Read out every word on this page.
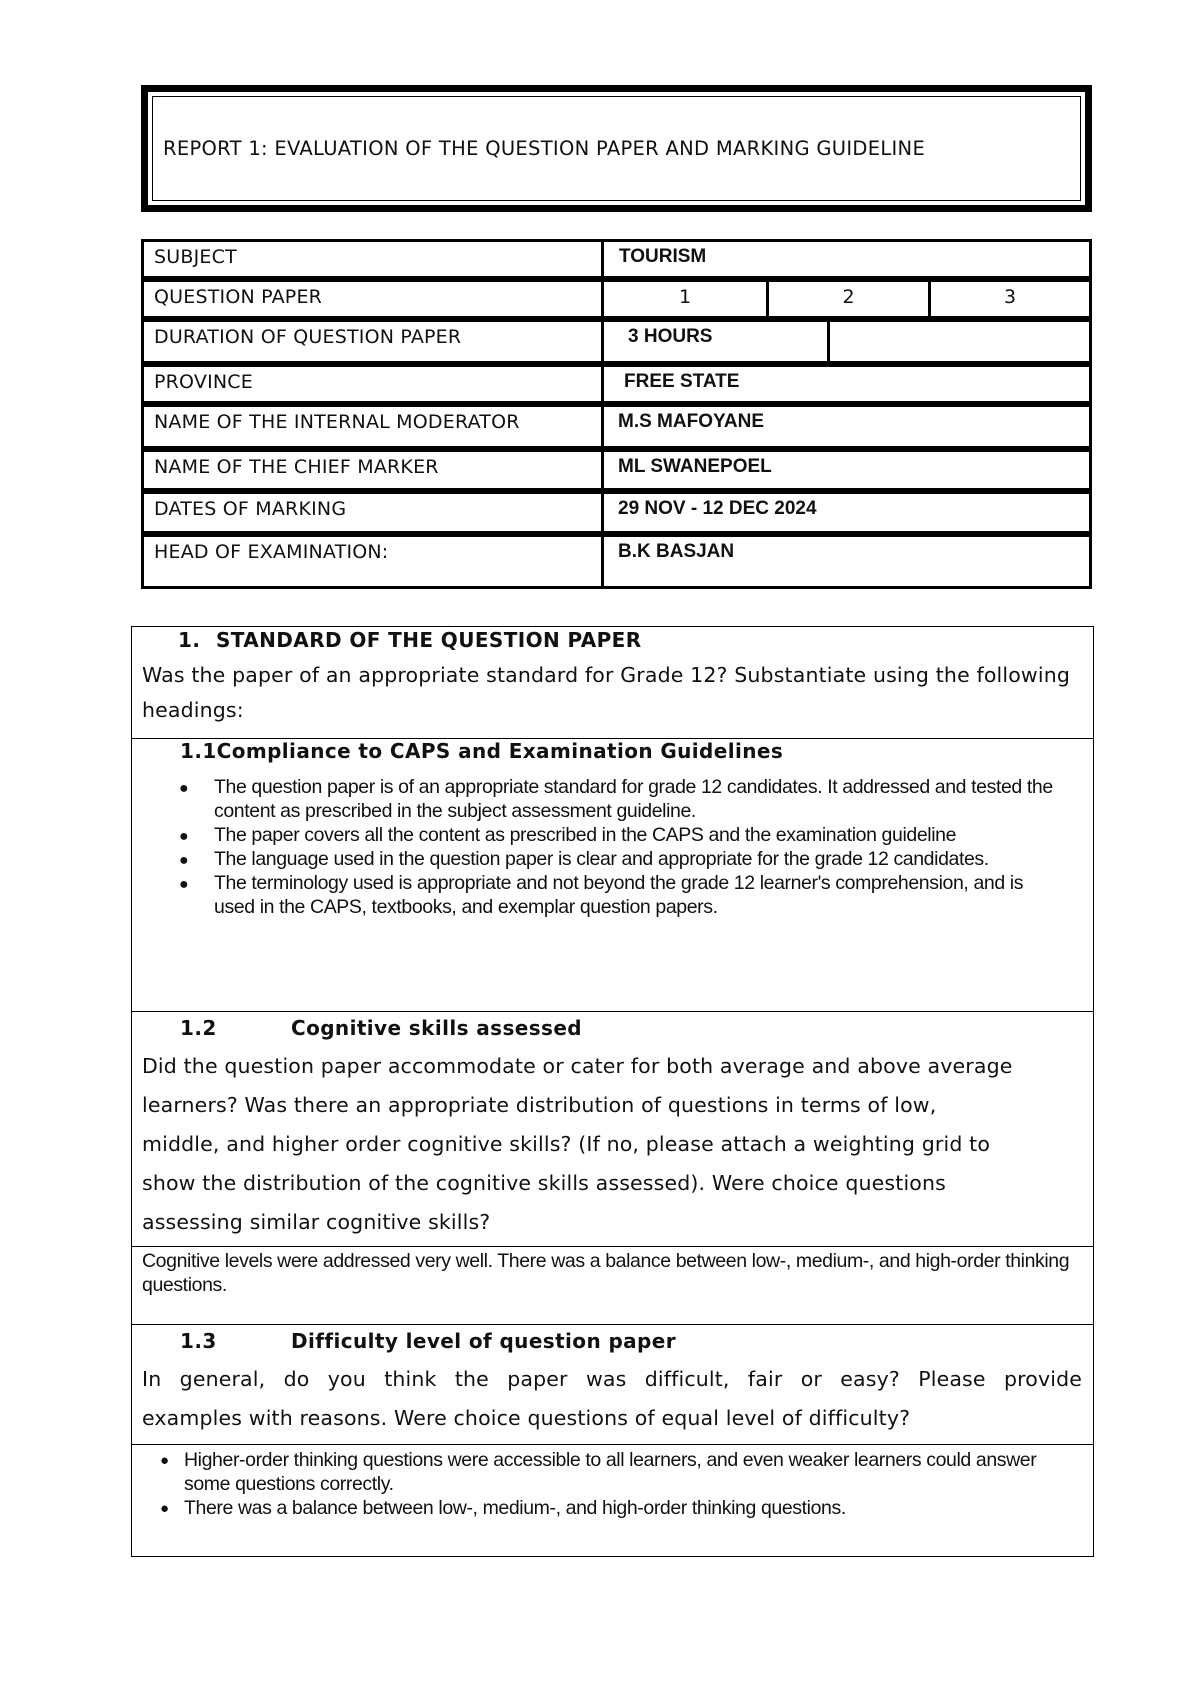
REPORT 1: EVALUATION OF THE QUESTION PAPER AND MARKING GUIDELINE
SUBJECT	TOURISM
QUESTION PAPER	1	2	3
DURATION OF QUESTION PAPER	3 HOURS
PROVINCE	FREE STATE
NAME OF THE INTERNAL MODERATOR	M.S MAFOYANE
NAME OF THE CHIEF MARKER	ML SWANEPOEL
DATES OF MARKING	29 NOV - 12 DEC 2024
HEAD OF EXAMINATION:	B.K BASJAN
1. STANDARD OF THE QUESTION PAPER
Was the paper of an appropriate standard for Grade 12? Substantiate using the following
headings:
1.1Compliance to CAPS and Examination Guidelines
● The question paper is of an appropriate standard for grade 12 candidates. It addressed and tested the content as prescribed in the subject assessment guideline.
● The paper covers all the content as prescribed in the CAPS and the examination guideline
● The language used in the question paper is clear and appropriate for the grade 12 candidates.
● The terminology used is appropriate and not beyond the grade 12 learner's comprehension, and is used in the CAPS, textbooks, and exemplar question papers.
1.2	Cognitive skills assessed
Did the question paper accommodate or cater for both average and above average
learners? Was there an appropriate distribution of questions in terms of low,
middle, and higher order cognitive skills? (If no, please attach a weighting grid to
show the distribution of the cognitive skills assessed). Were choice questions
assessing similar cognitive skills?
Cognitive levels were addressed very well. There was a balance between low-, medium-, and high-order thinking questions.
1.3	Difficulty level of question paper
In general, do you think the paper was difficult, fair or easy? Please provide
examples with reasons. Were choice questions of equal level of difficulty?
● Higher-order thinking questions were accessible to all learners, and even weaker learners could answer some questions correctly.
● There was a balance between low-, medium-, and high-order thinking questions.
